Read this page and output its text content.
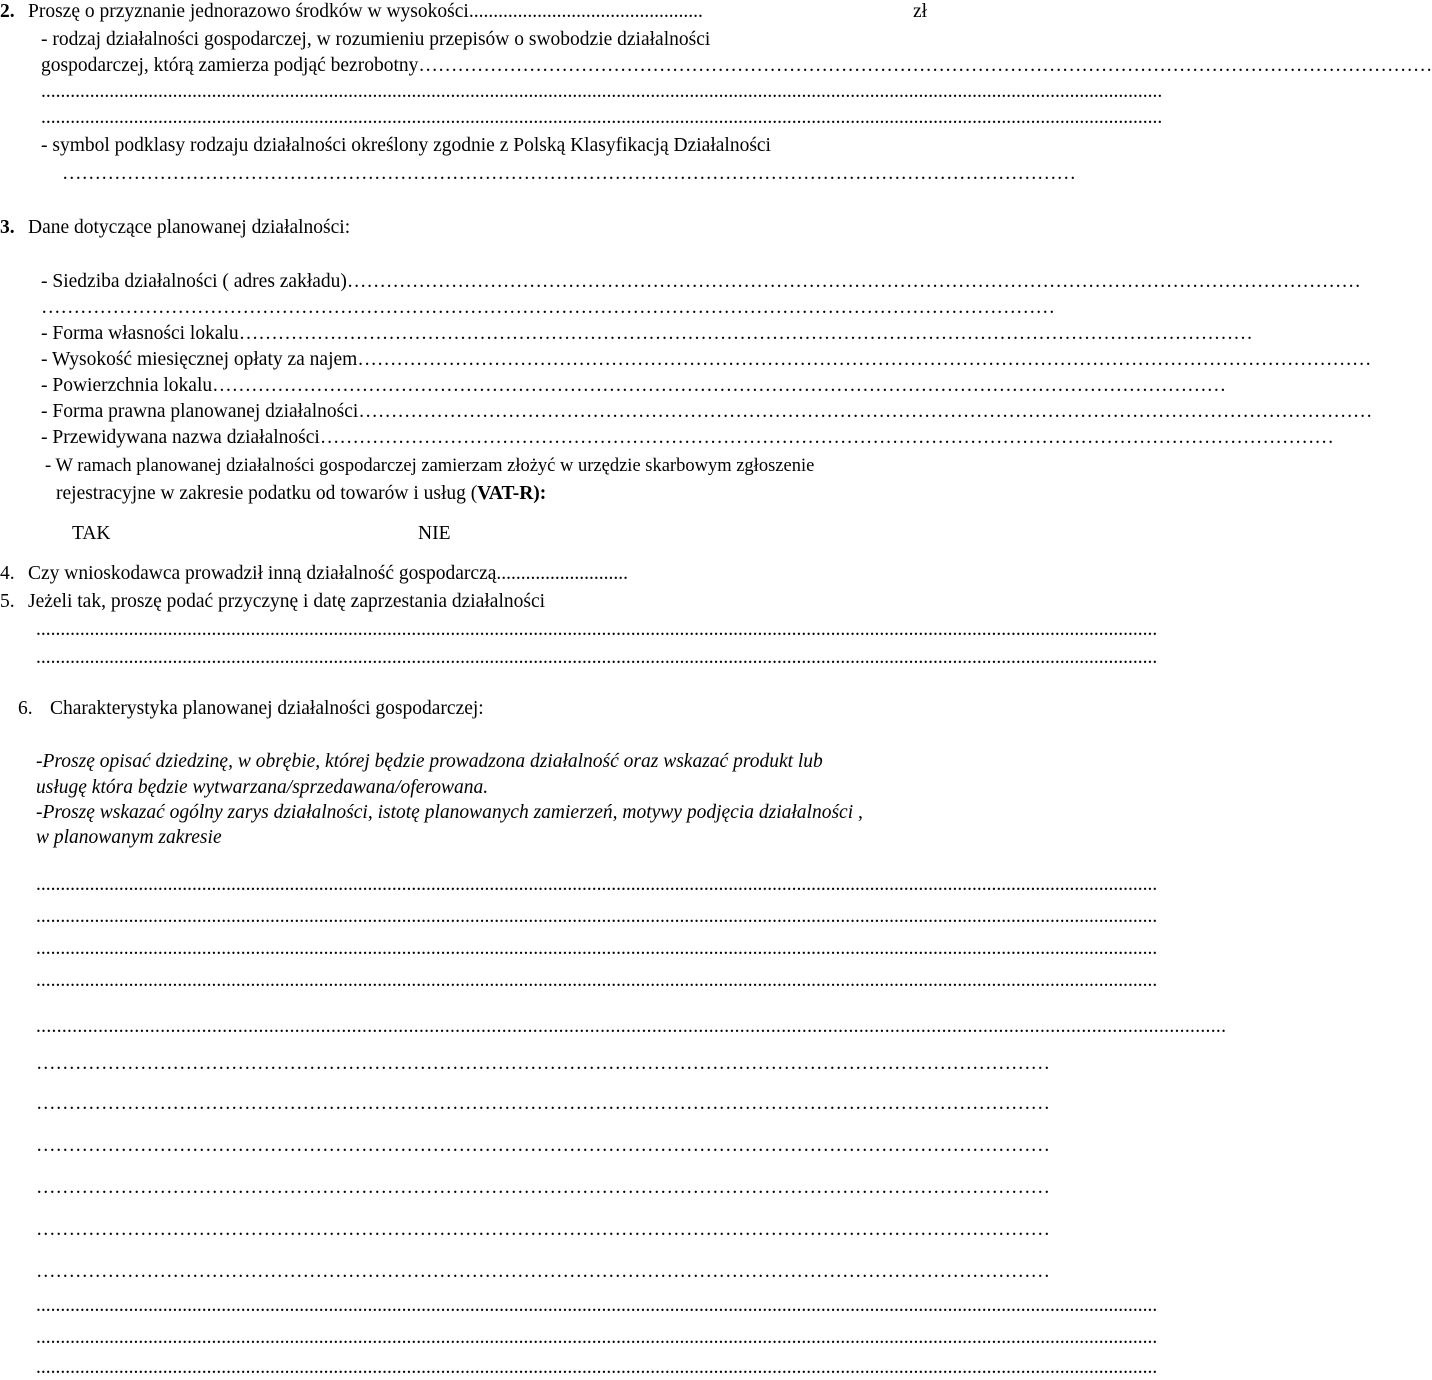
2. Proszę o przyznanie jednorazowo środków w wysokości................................................	zł
- rodzaj działalności gospodarczej, w rozumieniu przepisów o swobodzie działalności
gospodarczej, którą zamierza podjąć bezrobotny…………………………………………………………………………………………………………………………………………
......................................................................................................................................................................................................................................
......................................................................................................................................................................................................................................
- symbol podklasy rodzaju działalności określony zgodnie z Polską Klasyfikacją Działalności
…………………………………………………………………………………………………………………………………………
3. Dane dotyczące planowanej działalności:
- Siedziba działalności ( adres zakładu)…………………………………………………………………………………………………………………………………………
…………………………………………………………………………………………………………………………………………
- Forma własności lokalu…………………………………………………………………………………………………………………………………………
- Wysokość miesięcznej opłaty za najem…………………………………………………………………………………………………………………………………………
- Powierzchnia lokalu…………………………………………………………………………………………………………………………………………
- Forma prawna planowanej działalności…………………………………………………………………………………………………………………………………………
- Przewidywana nazwa działalności…………………………………………………………………………………………………………………………………………
- W ramach planowanej działalności gospodarczej zamierzam złożyć w urzędzie skarbowym zgłoszenie
rejestracyjne w zakresie podatku od towarów i usług (VAT-R):
TAK	NIE
4. Czy wnioskodawca prowadził inną działalność gospodarczą...........................
5. Jeżeli tak, proszę podać przyczynę i datę zaprzestania działalności
......................................................................................................................................................................................................................................
......................................................................................................................................................................................................................................
6. Charakterystyka planowanej działalności gospodarczej:
-Proszę opisać dziedzinę, w obrębie, której będzie prowadzona działalność oraz wskazać produkt lub
usługę która będzie wytwarzana/sprzedawana/oferowana.
-Proszę wskazać ogólny zarys działalności, istotę planowanych zamierzeń, motywy podjęcia działalności ,
w planowanym zakresie
......................................................................................................................................................................................................................................
......................................................................................................................................................................................................................................
......................................................................................................................................................................................................................................
......................................................................................................................................................................................................................................
......................................................................................................................................................................................................................................
…………………………………………………………………………………………………………………………………………
…………………………………………………………………………………………………………………………………………
…………………………………………………………………………………………………………………………………………
…………………………………………………………………………………………………………………………………………
…………………………………………………………………………………………………………………………………………
…………………………………………………………………………………………………………………………………………
......................................................................................................................................................................................................................................
......................................................................................................................................................................................................................................
......................................................................................................................................................................................................................................
